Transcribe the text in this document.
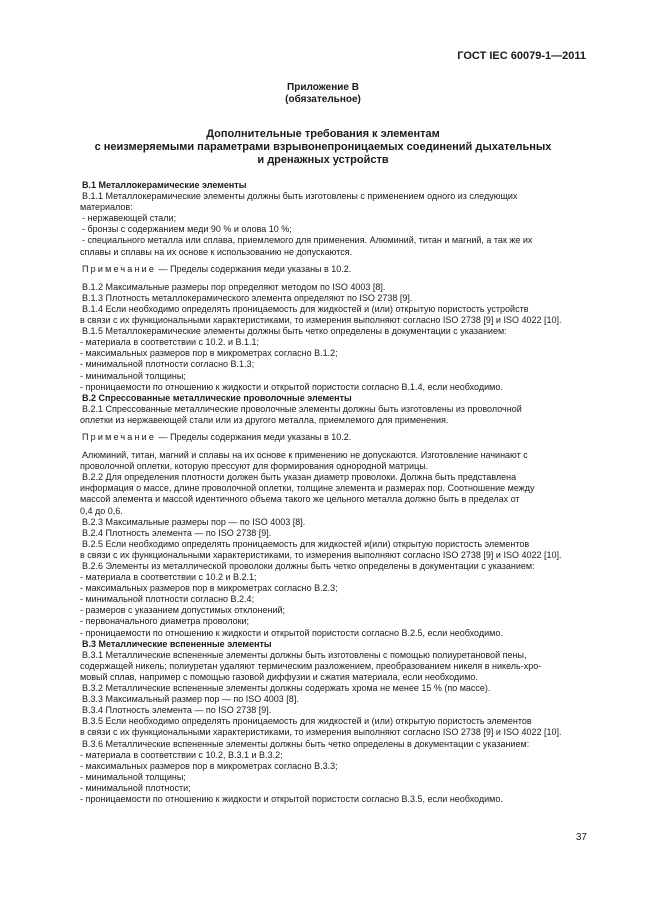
ГОСТ IEC 60079-1—2011
Приложение В
(обязательное)
Дополнительные требования к элементам
с неизмеряемыми параметрами взрывонепроницаемых соединений дыхательных
и дренажных устройств

В.1 Металлокерамические элементы

В.1.1 Металлокерамические элементы должны быть изготовлены с применением одного из следующих

материалов:

- нержавеющей стали;

- бронзы с содержанием меди 90 % и олова 10 %;

- специального металла или сплава, приемлемого для применения. Алюминий, титан и магний, а так же их

сплавы и сплавы на их основе к использованию не допускаются.

Примечание — Пределы содержания меди указаны в 10.2.

В.1.2 Максимальные размеры пор определяют методом по ISO 4003 [8].

В.1.3 Плотность металлокерамического элемента определяют по ISO 2738 [9].

В.1.4 Если необходимо определять проницаемость для жидкостей и (или) открытую пористость устройств

в связи с их функциональными характеристиками, то измерения выполняют согласно ISO 2738 [9] и ISO 4022 [10].

В.1.5 Металлокерамические элементы должны быть четко определены в документации с указанием:

- материала в соответствии с 10.2. и В.1.1;

- максимальных размеров пор в микрометрах согласно В.1.2;

- минимальной плотности согласно В.1.3;

- минимальной толщины;

- проницаемости по отношению к жидкости и открытой пористости согласно В.1.4, если необходимо.

В.2 Спрессованные металлические проволочные элементы

В.2.1 Спрессованные металлические проволочные элементы должны быть изготовлены из проволочной

оплетки из нержавеющей стали или из другого металла, приемлемого для применения.

Примечание — Пределы содержания меди указаны в 10.2.

Алюминий, титан, магний и сплавы на их основе к применению не допускаются. Изготовление начинают с

проволочной оплетки, которую прессуют для формирования однородной матрицы.

В.2.2 Для определения плотности должен быть указан диаметр проволоки. Должна быть представлена

информация о массе, длине проволочной оплетки, толщине элемента и размерах пор. Соотношение между

массой элемента и массой идентичного объема такого же цельного металла должно быть в пределах от

0,4 до 0,6.

В.2.3 Максимальные размеры пор — по ISO 4003 [8].

В.2.4 Плотность элемента — по ISO 2738 [9].

В.2.5 Если необходимо определять проницаемость для жидкостей и(или) открытую пористость элементов

в связи с их функциональными характеристиками, то измерения выполняют согласно ISO 2738 [9] и ISO 4022 [10].

В.2.6 Элементы из металлической проволоки должны быть четко определены в документации с указанием:

- материала в соответствии с 10.2 и В.2.1;

- максимальных размеров пор в микрометрах согласно В.2.3;

- минимальной плотности согласно В.2.4;

- размеров с указанием допустимых отклонений;

- первоначального диаметра проволоки;

- проницаемости по отношению к жидкости и открытой пористости согласно В.2.5, если необходимо.

В.3 Металлические вспененные элементы

В.3.1 Металлические вспененные элементы должны быть изготовлены с помощью полиуретановой пены,

содержащей никель; полиуретан удаляют термическим разложением, преобразованием никеля в никель-хро-

мовый сплав, например с помощью газовой диффузии и сжатия материала, если необходимо.

В.3.2 Металлические вспененные элементы должны содержать хрома не менее 15 % (по массе).

В.3.3 Максимальный размер пор — по ISO 4003 [8].

В.3.4 Плотность элемента — по ISO 2738 [9].

В.3.5 Если необходимо определять проницаемость для жидкостей и (или) открытую пористость элементов

в связи с их функциональными характеристиками, то измерения выполняют согласно ISO 2738 [9] и ISO 4022 [10].

В.3.6 Металлические вспененные элементы должны быть четко определены в документации с указанием:

- материала в соответствии с 10.2, В.3.1 и В.3.2;

- максимальных размеров пор в микрометрах согласно В.3.3;

- минимальной толщины;

- минимальной плотности;

- проницаемости по отношению к жидкости и открытой пористости согласно В.3.5, если необходимо.

37
